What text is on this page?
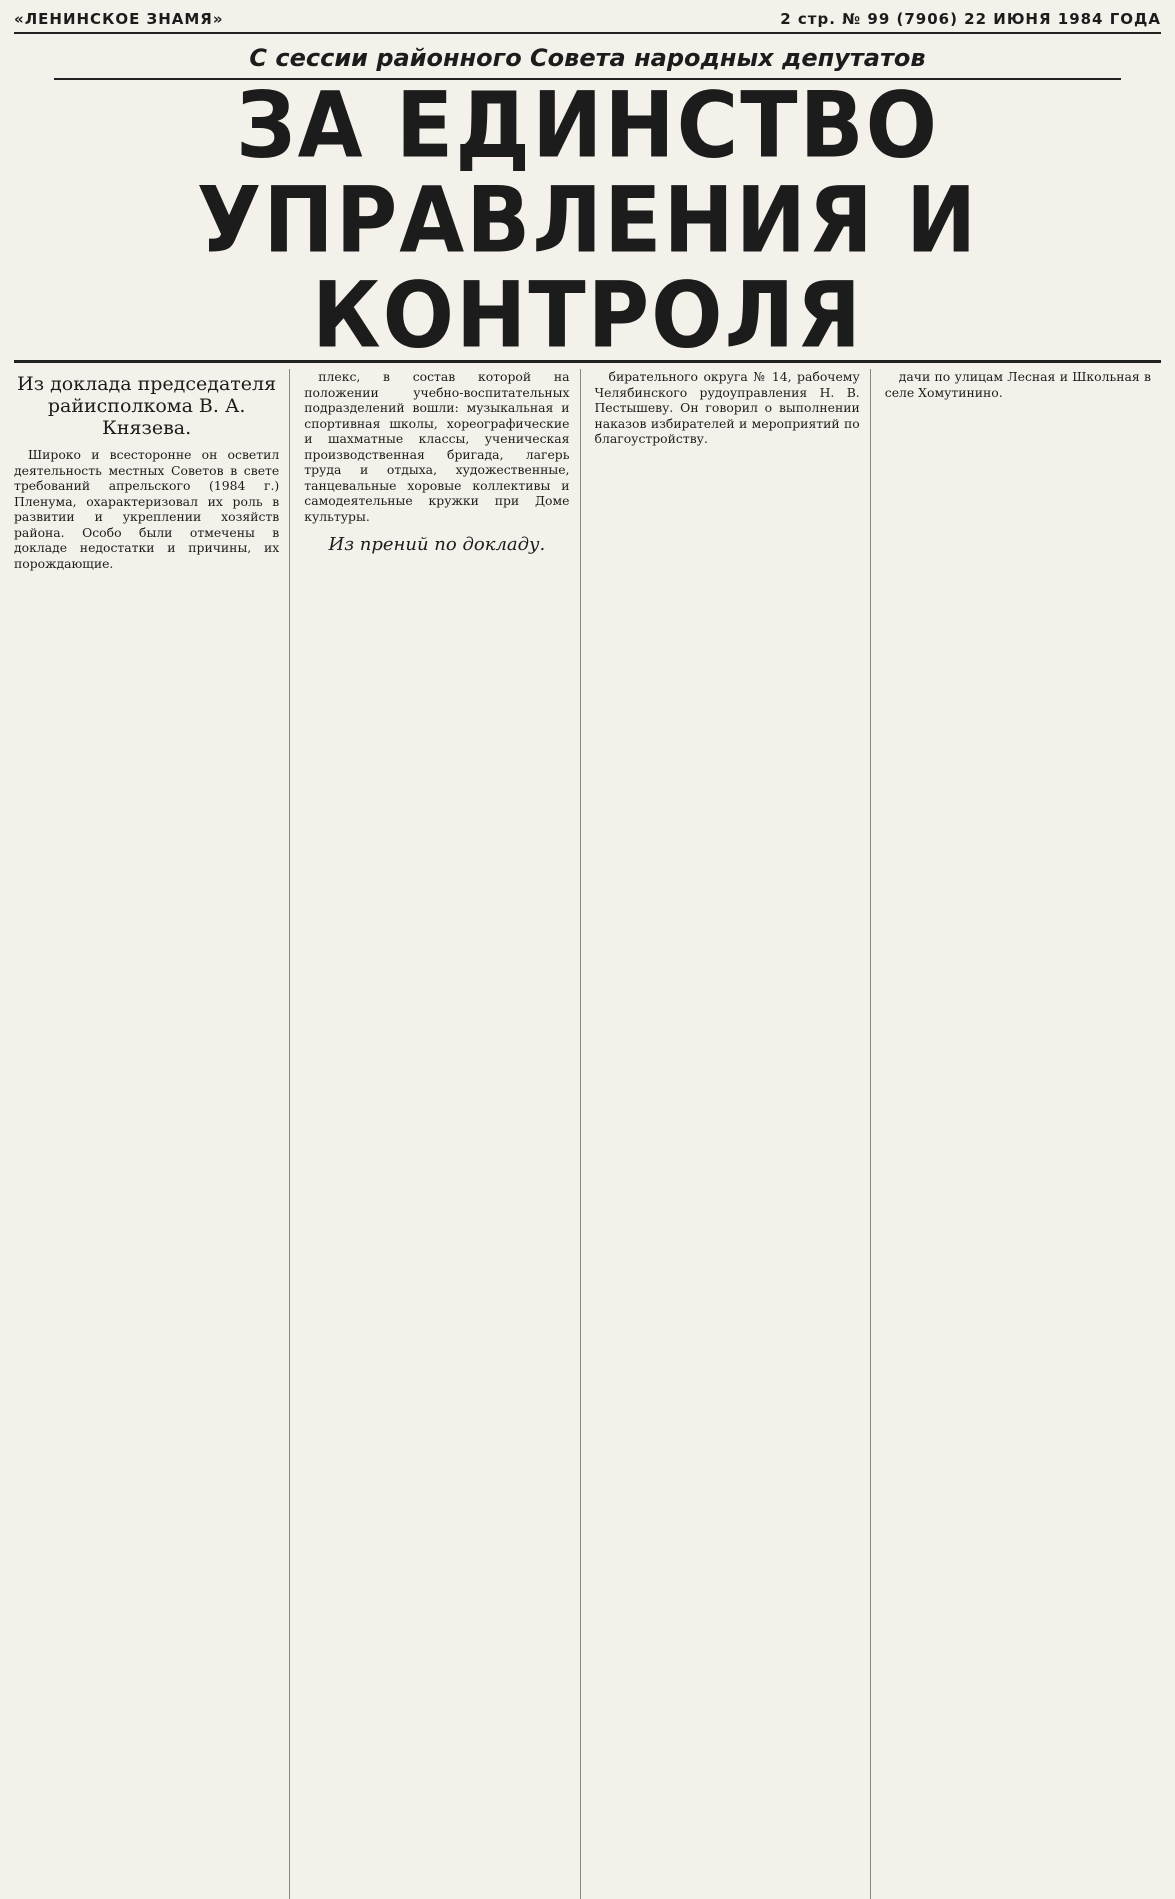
«ЛЕНИНСКОЕ ЗНАМЯ»	2 стр. № 99 (7906) 22 ИЮНЯ 1984 ГОДА
С сессии районного Совета народных депутатов
ЗА ЕДИНСТВО УПРАВЛЕНИЯ И КОНТРОЛЯ
Из доклада председателя райисполкома В. А. Князева.

Широко и всесторонне он осветил деятельность местных Советов в свете требований апрельского (1984 г.) Пленума, охарактеризовал их роль в развитии и укреплении хозяйств района. Особо были отмечены в докладе недостатки и причины, их порождающие.

плекс, в состав которой на положении учебно-воспитательных подразделений вошли: музыкальная и спортивная школы, хореографические и шахматные классы, ученическая производственная бригада, лагерь труда и отдыха, художественные, танцевальные хоровые коллективы и самодеятельные кружки при Доме культуры.

Из прений по докладу.

бирательного округа № 14, рабочему Челябинского рудоуправления Н. В. Пестышеву. Он говорил о выполнении наказов избирателей и мероприятий по благоустройству.

дачи по улицам Лесная и Школьная в селе Хомутинино.
